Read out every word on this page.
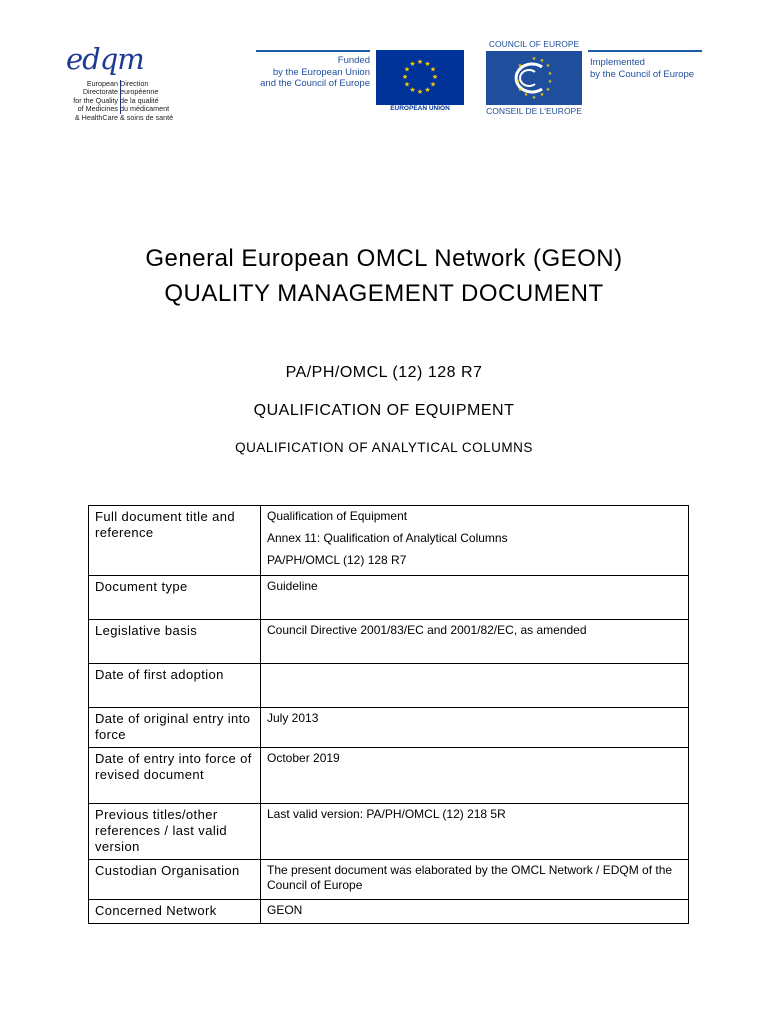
edqm
European Directorate
for the Quality
of Medicines
& HealthCare
Direction européenne
de la qualité
du médicament
& soins de santé
Funded
by the European Union
and the Council of Europe
★ ★
★
★
★
★
★
★
★
★
★
★
EUROPEAN UNION
COUNCIL OF EUROPE
★ ★
★
★
★
★
★
★
★
★
★
★
CONSEIL DE L'EUROPE
Implemented
by the Council of Europe
General European OMCL Network (GEON)
QUALITY MANAGEMENT DOCUMENT
PA/PH/OMCL (12) 128 R7
QUALIFICATION OF EQUIPMENT
QUALIFICATION OF ANALYTICAL COLUMNS
Full document title and reference	Qualification of Equipment
Annex 11: Qualification of Analytical Columns
PA/PH/OMCL (12) 128 R7

Document type	Guideline
Legislative basis	Council Directive 2001/83/EC and 2001/82/EC, as amended
Date of first adoption	
Date of original entry into force	July 2013
Date of entry into force of revised document	October 2019
Previous titles/other references / last valid version	Last valid version: PA/PH/OMCL (12) 218 5R
Custodian Organisation	The present document was elaborated by the OMCL Network / EDQM of the Council of Europe
Concerned Network	GEON
